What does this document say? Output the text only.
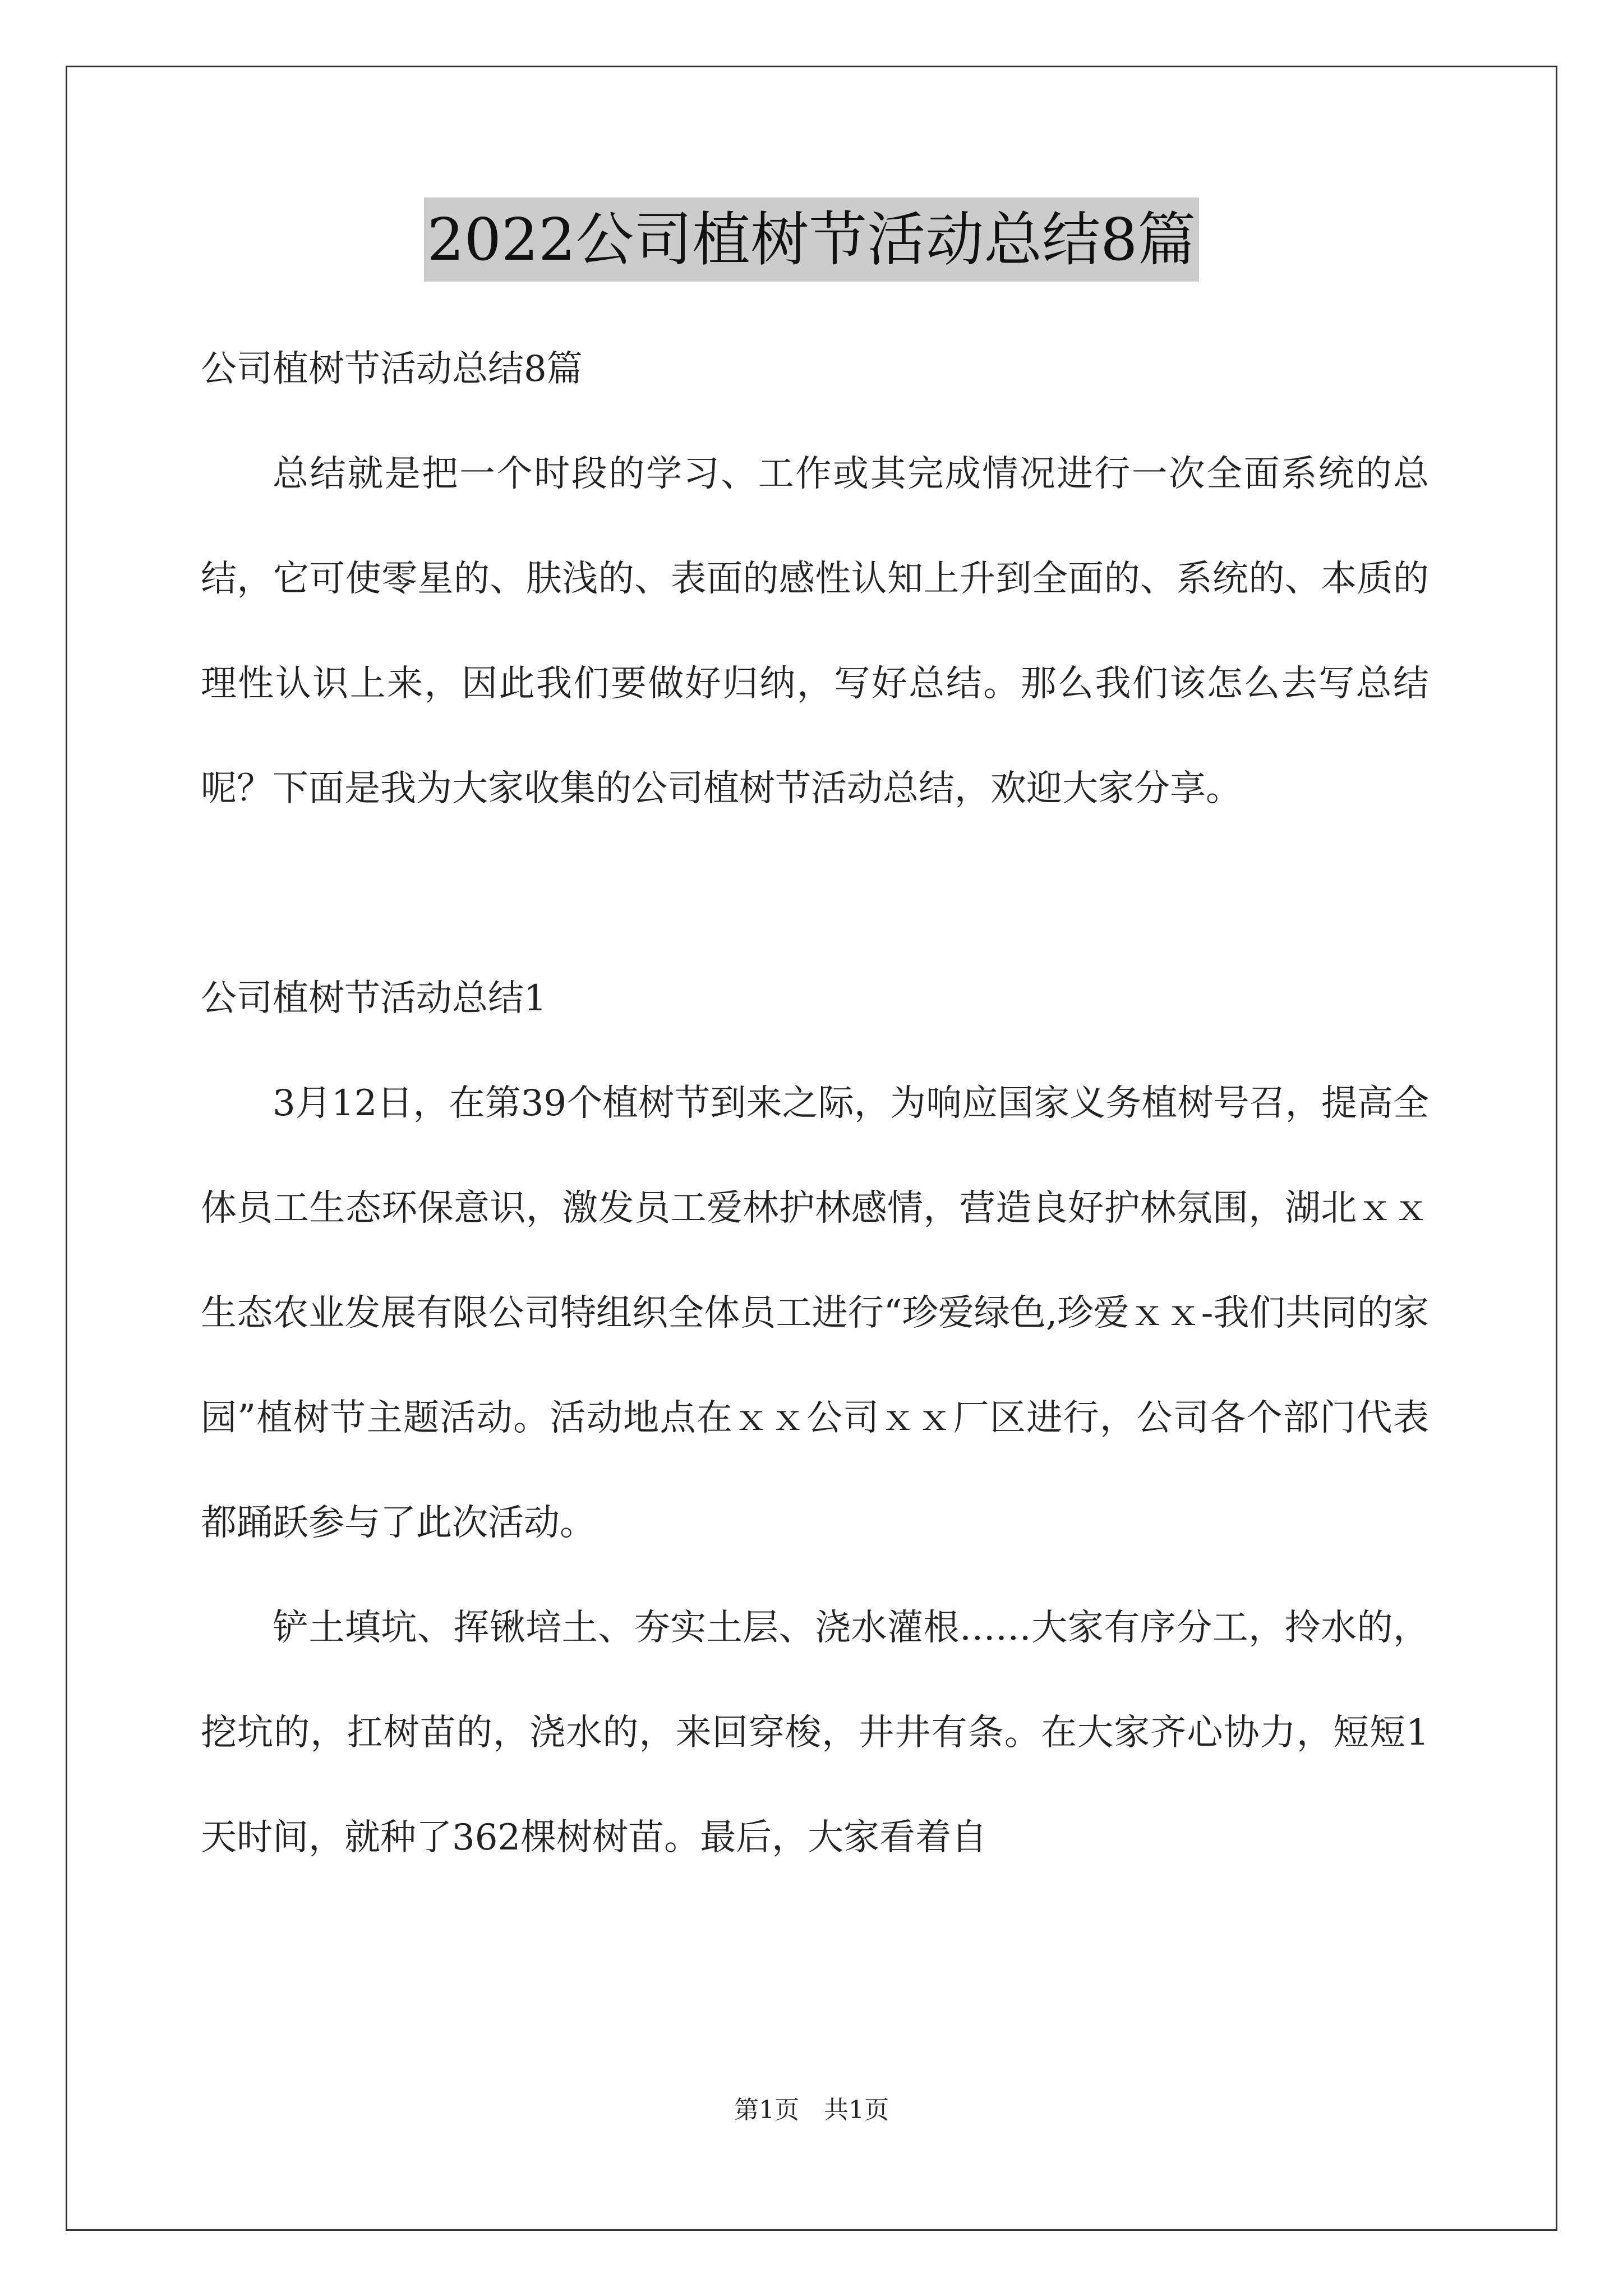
2022公司植树节活动总结8篇

公司植树节活动总结8篇

总结就是把一个时段的学习、工作或其完成情况进行一次全面系统的总结，它可使零星的、肤浅的、表面的感性认知上升到全面的、系统的、本质的理性认识上来，因此我们要做好归纳，写好总结。那么我们该怎么去写总结呢？下面是我为大家收集的公司植树节活动总结，欢迎大家分享。

公司植树节活动总结1

3月12日，在第39个植树节到来之际，为响应国家义务植树号召，提高全体员工生态环保意识，激发员工爱林护林感情，营造良好护林氛围，湖北ｘｘ生态农业发展有限公司特组织全体员工进行“珍爱绿色,珍爱ｘｘ-我们共同的家园”植树节主题活动。活动地点在ｘｘ公司ｘｘ厂区进行，公司各个部门代表都踊跃参与了此次活动。

铲土填坑、挥锹培土、夯实土层、浇水灌根……大家有序分工，拎水的，挖坑的，扛树苗的，浇水的，来回穿梭，井井有条。在大家齐心协力，短短1天时间，就种了362棵树树苗。最后，大家看着自

第1页　共1页
